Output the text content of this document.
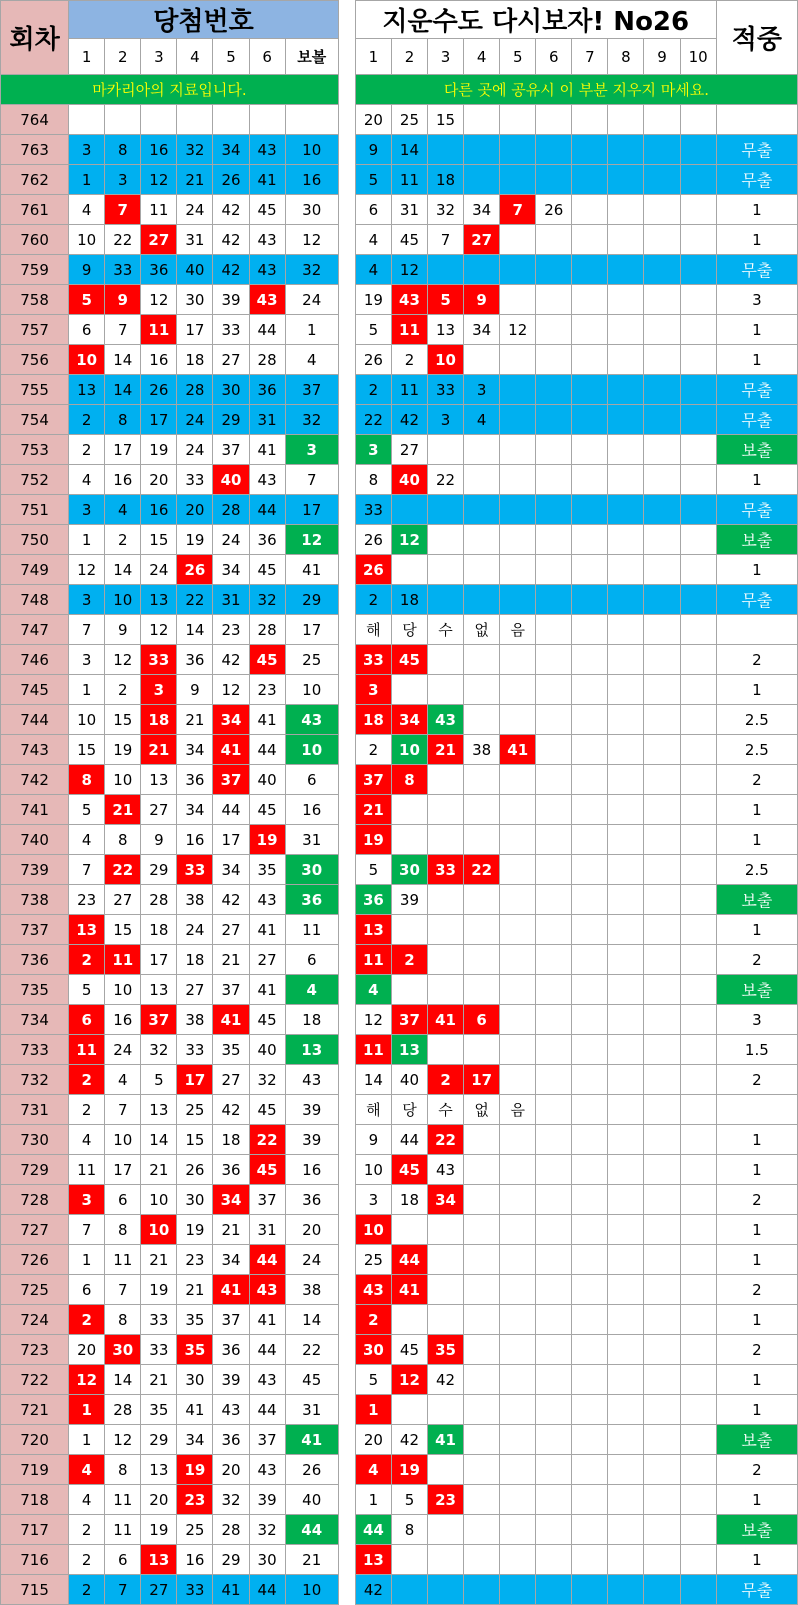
회차	당첨번호								지운수도 다시보자! No26										적중
	1	2	3	4	5	6	보볼		1	2	3	4	5	6	7	8	9	10	
마카리아의 지료입니다.									다른 곳에 공유시 이 부분 지우지 마세요.										
764									20	25	15								
763	3	8	16	32	34	43	10		9	14									무출
762	1	3	12	21	26	41	16		5	11	18								무출
761	4	7	11	24	42	45	30		6	31	32	34	7	26					1
760	10	22	27	31	42	43	12		4	45	7	27							1
759	9	33	36	40	42	43	32		4	12									무출
758	5	9	12	30	39	43	24		19	43	5	9							3
757	6	7	11	17	33	44	1		5	11	13	34	12						1
756	10	14	16	18	27	28	4		26	2	10								1
755	13	14	26	28	30	36	37		2	11	33	3							무출
754	2	8	17	24	29	31	32		22	42	3	4							무출
753	2	17	19	24	37	41	3		3	27									보출
752	4	16	20	33	40	43	7		8	40	22								1
751	3	4	16	20	28	44	17		33										무출
750	1	2	15	19	24	36	12		26	12									보출
749	12	14	24	26	34	45	41		26										1
748	3	10	13	22	31	32	29		2	18									무출
747	7	9	12	14	23	28	17		해	당	수	없	음						
746	3	12	33	36	42	45	25		33	45									2
745	1	2	3	9	12	23	10		3										1
744	10	15	18	21	34	41	43		18	34	43								2.5
743	15	19	21	34	41	44	10		2	10	21	38	41						2.5
742	8	10	13	36	37	40	6		37	8									2
741	5	21	27	34	44	45	16		21										1
740	4	8	9	16	17	19	31		19										1
739	7	22	29	33	34	35	30		5	30	33	22							2.5
738	23	27	28	38	42	43	36		36	39									보출
737	13	15	18	24	27	41	11		13										1
736	2	11	17	18	21	27	6		11	2									2
735	5	10	13	27	37	41	4		4										보출
734	6	16	37	38	41	45	18		12	37	41	6							3
733	11	24	32	33	35	40	13		11	13									1.5
732	2	4	5	17	27	32	43		14	40	2	17							2
731	2	7	13	25	42	45	39		해	당	수	없	음						
730	4	10	14	15	18	22	39		9	44	22								1
729	11	17	21	26	36	45	16		10	45	43								1
728	3	6	10	30	34	37	36		3	18	34								2
727	7	8	10	19	21	31	20		10										1
726	1	11	21	23	34	44	24		25	44									1
725	6	7	19	21	41	43	38		43	41									2
724	2	8	33	35	37	41	14		2										1
723	20	30	33	35	36	44	22		30	45	35								2
722	12	14	21	30	39	43	45		5	12	42								1
721	1	28	35	41	43	44	31		1										1
720	1	12	29	34	36	37	41		20	42	41								보출
719	4	8	13	19	20	43	26		4	19									2
718	4	11	20	23	32	39	40		1	5	23								1
717	2	11	19	25	28	32	44		44	8									보출
716	2	6	13	16	29	30	21		13										1
715	2	7	27	33	41	44	10		42										무출
